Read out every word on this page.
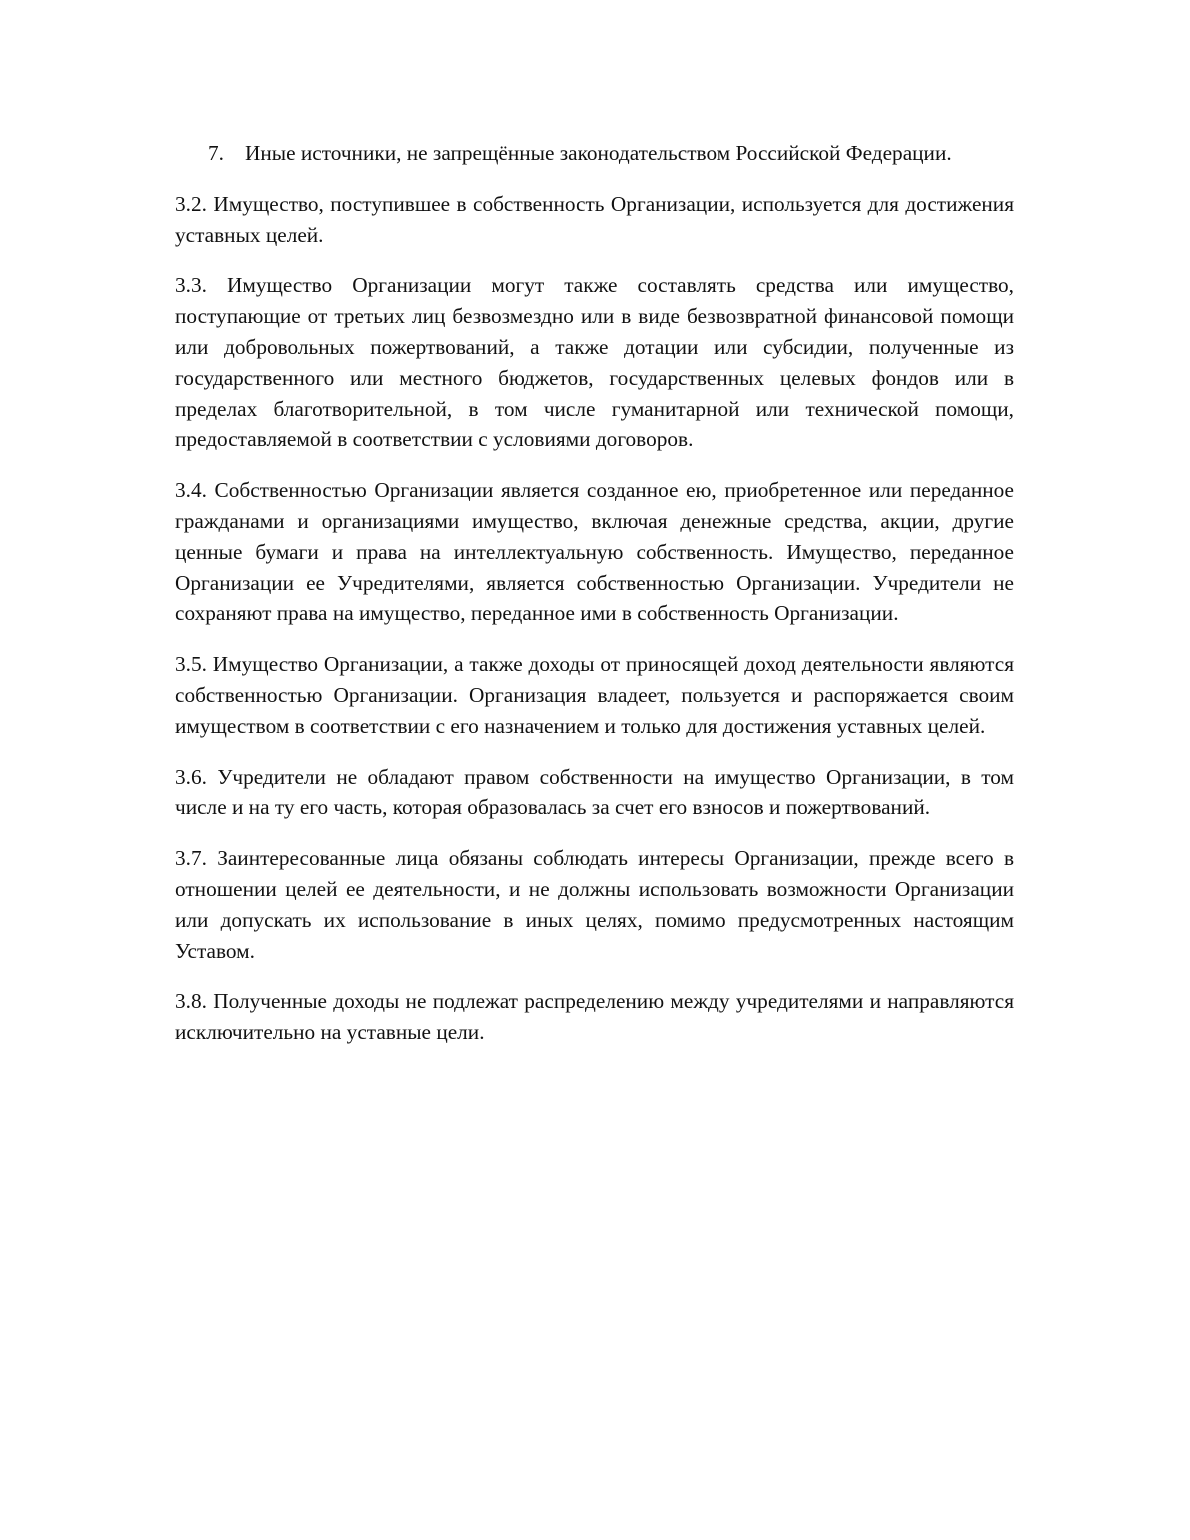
7. Иные источники, не запрещённые законодательством Российской Федерации.

3.2. Имущество, поступившее в собственность Организации, используется для достижения уставных целей.

3.3. Имущество Организации могут также составлять средства или имущество, поступающие от третьих лиц безвозмездно или в виде безвозвратной финансовой помощи или добровольных пожертвований, а также дотации или субсидии, полученные из государственного или местного бюджетов, государственных целевых фондов или в пределах благотворительной, в том числе гуманитарной или технической помощи, предоставляемой в соответствии с условиями договоров.

3.4. Собственностью Организации является созданное ею, приобретенное или переданное гражданами и организациями имущество, включая денежные средства, акции, другие ценные бумаги и права на интеллектуальную собственность. Имущество, переданное Организации ее Учредителями, является собственностью Организации. Учредители не сохраняют права на имущество, переданное ими в собственность Организации.

3.5. Имущество Организации, а также доходы от приносящей доход деятельности являются собственностью Организации. Организация владеет, пользуется и распоряжается своим имуществом в соответствии с его назначением и только для достижения уставных целей.

3.6. Учредители не обладают правом собственности на имущество Организации, в том числе и на ту его часть, которая образовалась за счет его взносов и пожертвований.

3.7. Заинтересованные лица обязаны соблюдать интересы Организации, прежде всего в отношении целей ее деятельности, и не должны использовать возможности Организации или допускать их использование в иных целях, помимо предусмотренных настоящим Уставом.

3.8. Полученные доходы не подлежат распределению между учредителями и направляются исключительно на уставные цели.
